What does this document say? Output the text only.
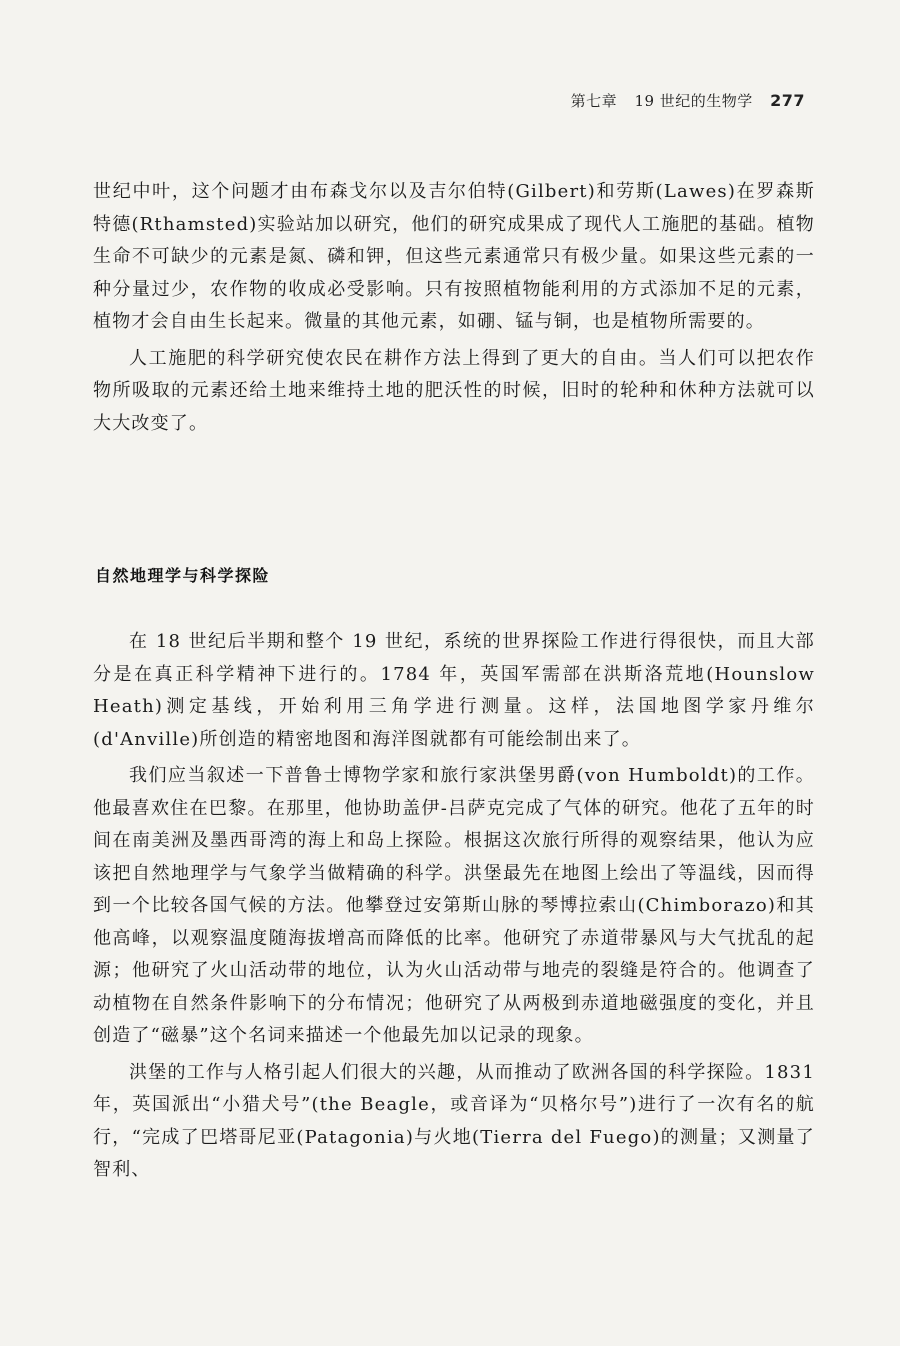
第七章 19 世纪的生物学 277

世纪中叶，这个问题才由布森戈尔以及吉尔伯特(Gilbert)和劳斯(Lawes)在罗森斯特德(Rthamsted)实验站加以研究，他们的研究成果成了现代人工施肥的基础。植物生命不可缺少的元素是氮、磷和钾，但这些元素通常只有极少量。如果这些元素的一种分量过少，农作物的收成必受影响。只有按照植物能利用的方式添加不足的元素，植物才会自由生长起来。微量的其他元素，如硼、锰与铜，也是植物所需要的。

人工施肥的科学研究使农民在耕作方法上得到了更大的自由。当人们可以把农作物所吸取的元素还给土地来维持土地的肥沃性的时候，旧时的轮种和休种方法就可以大大改变了。

自然地理学与科学探险

在 18 世纪后半期和整个 19 世纪，系统的世界探险工作进行得很快，而且大部分是在真正科学精神下进行的。1784 年，英国军需部在洪斯洛荒地(Hounslow Heath)测定基线，开始利用三角学进行测量。这样，法国地图学家丹维尔(d'Anville)所创造的精密地图和海洋图就都有可能绘制出来了。

我们应当叙述一下普鲁士博物学家和旅行家洪堡男爵(von Humboldt)的工作。他最喜欢住在巴黎。在那里，他协助盖伊-吕萨克完成了气体的研究。他花了五年的时间在南美洲及墨西哥湾的海上和岛上探险。根据这次旅行所得的观察结果，他认为应该把自然地理学与气象学当做精确的科学。洪堡最先在地图上绘出了等温线，因而得到一个比较各国气候的方法。他攀登过安第斯山脉的琴博拉索山(Chimborazo)和其他高峰，以观察温度随海拔增高而降低的比率。他研究了赤道带暴风与大气扰乱的起源；他研究了火山活动带的地位，认为火山活动带与地壳的裂缝是符合的。他调查了动植物在自然条件影响下的分布情况；他研究了从两极到赤道地磁强度的变化，并且创造了“磁暴”这个名词来描述一个他最先加以记录的现象。

洪堡的工作与人格引起人们很大的兴趣，从而推动了欧洲各国的科学探险。1831 年，英国派出“小猎犬号”(the Beagle，或音译为“贝格尔号”)进行了一次有名的航行，“完成了巴塔哥尼亚(Patagonia)与火地(Tierra del Fuego)的测量；又测量了智利、
